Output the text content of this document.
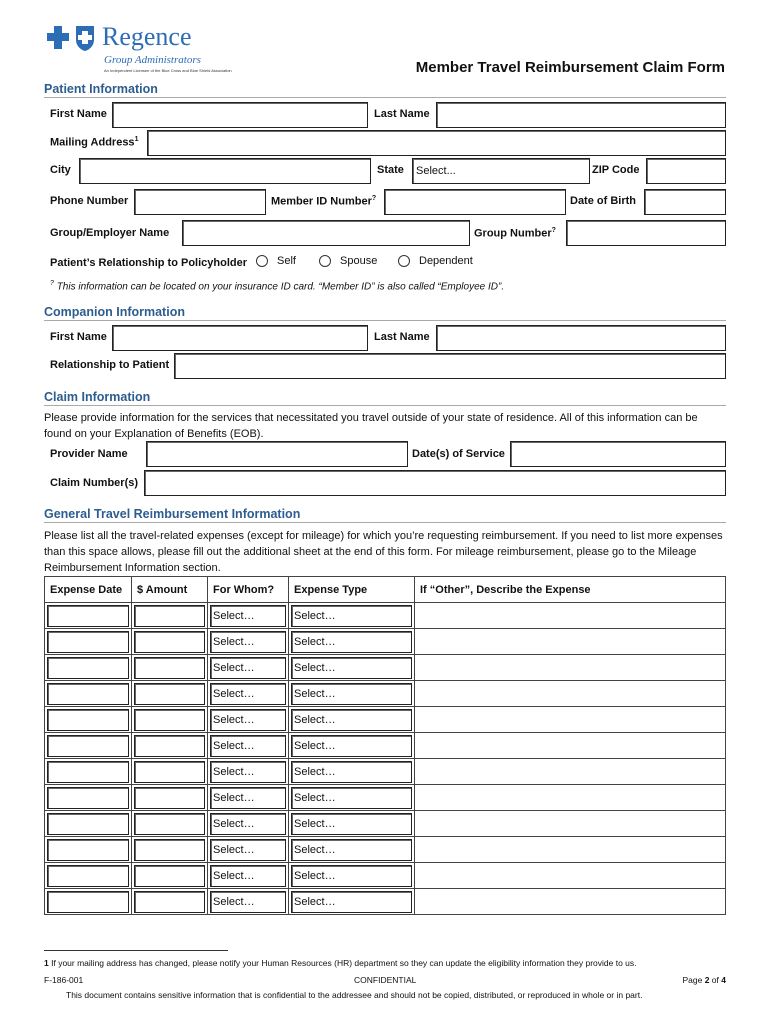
Regence
Group Administrators
An Independent Licensee of the Blue Cross and Blue Shield Association	Member Travel Reimbursement Claim Form
Patient Information
First Name	Last Name
Mailing Address$^1$
City	State	Select...	ZIP Code
Phone Number	Member ID Number?	Date of Birth
Group/Employer Name	Group Number?
Patient’s Relationship to Policyholder	Self	Spouse	Dependent
? This information can be located on your insurance ID card. “Member ID” is also called “Employee ID”.
Companion Information
First Name	Last Name
Relationship to Patient
Claim Information
Please provide information for the services that necessitated you travel outside of your state of residence. All of this information can be found on your Explanation of Benefits (EOB).
Provider Name	Date(s) of Service
Claim Number(s)
General Travel Reimbursement Information
Please list all the travel-related expenses (except for mileage) for which you’re requesting reimbursement. If you need to list more expenses than this space allows, please fill out the additional sheet at the end of this form. For mileage reimbursement, please go to the Mileage Reimbursement Information section.
Expense Date	$ Amount	For Whom?	Expense Type	If “Other”, Describe the Expense

		Select…	Select…	

		Select…	Select…	

		Select…	Select…	

		Select…	Select…	

		Select…	Select…	

		Select…	Select…	

		Select…	Select…	

		Select…	Select…	

		Select…	Select…	

		Select…	Select…	

		Select…	Select…	

		Select…	Select…	

1 If your mailing address has changed, please notify your Human Resources (HR) department so they can update the eligibility information they provide to us.
F-186-001	CONFIDENTIAL	Page 2 of 4
This document contains sensitive information that is confidential to the addressee and should not be copied, distributed, or reproduced in whole or in part.
